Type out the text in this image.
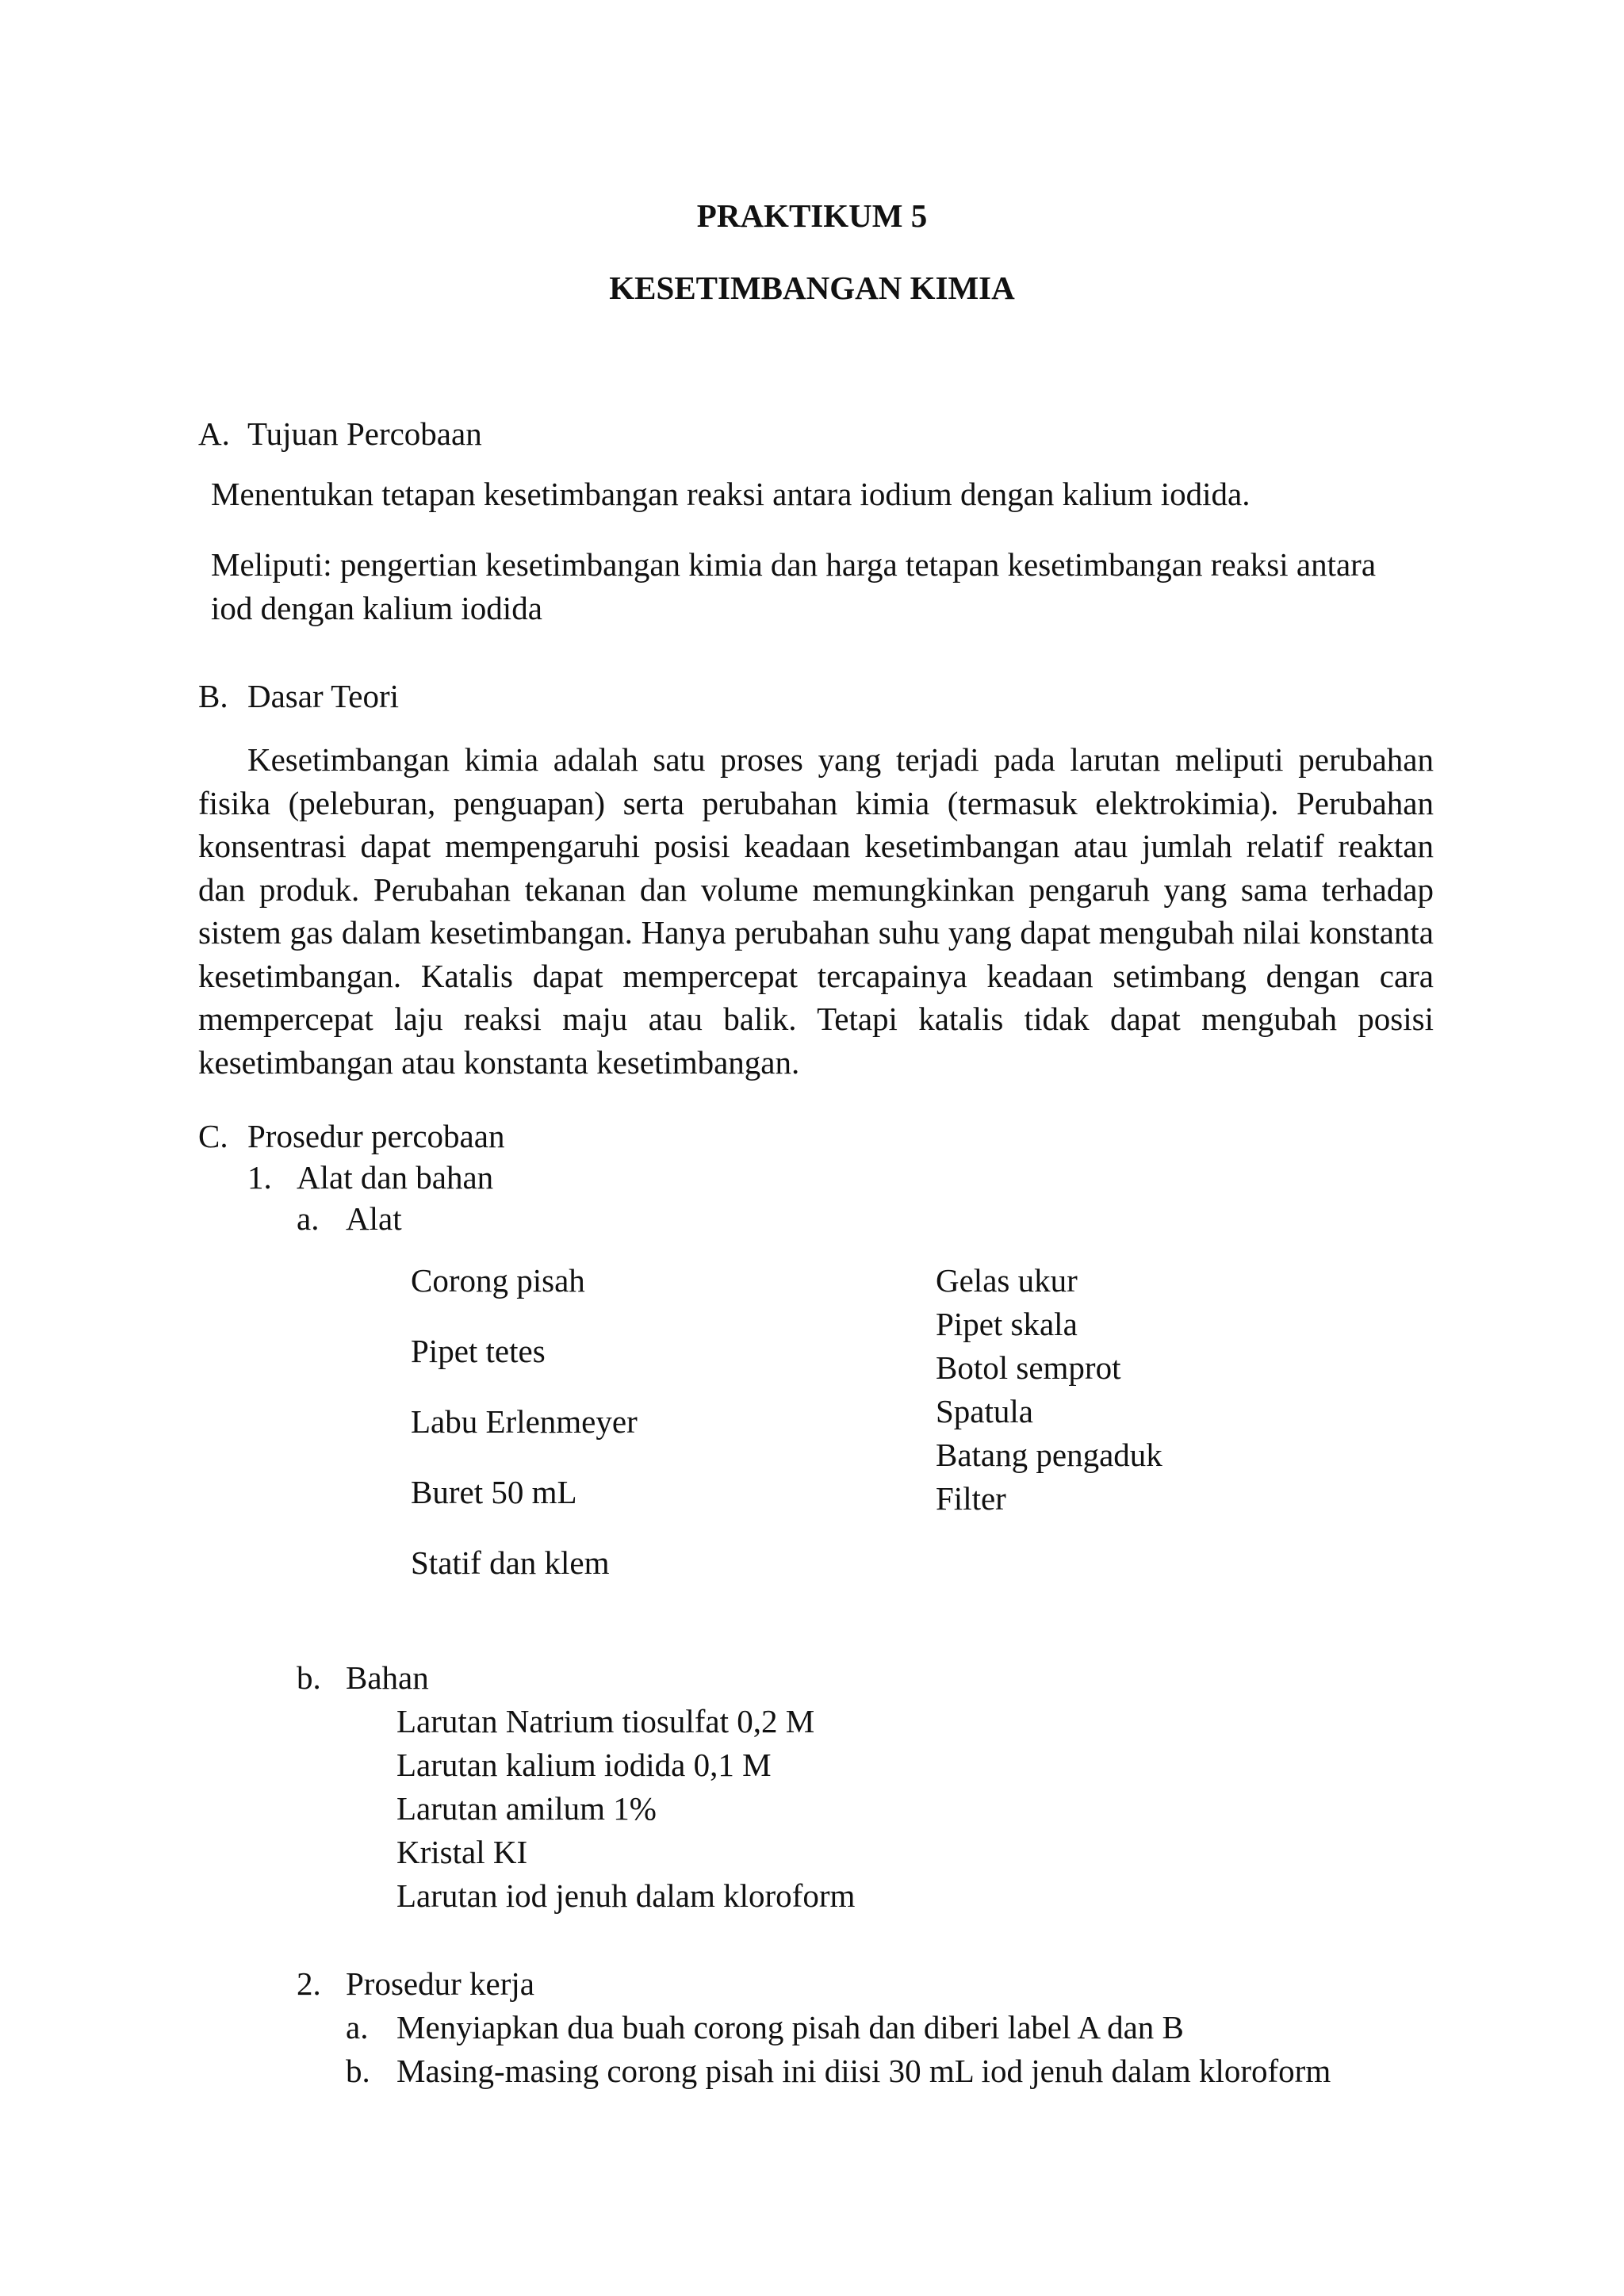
PRAKTIKUM 5
KESETIMBANGAN KIMIA
A. Tujuan Percobaan
Menentukan tetapan kesetimbangan reaksi antara iodium dengan kalium iodida.
Meliputi: pengertian kesetimbangan kimia dan harga tetapan kesetimbangan reaksi antara
iod dengan kalium iodida
B. Dasar Teori
Kesetimbangan kimia adalah satu proses yang terjadi pada larutan meliputi perubahan fisika (peleburan, penguapan) serta perubahan kimia (termasuk elektrokimia). Perubahan konsentrasi dapat mempengaruhi posisi keadaan kesetimbangan atau jumlah relatif reaktan dan produk. Perubahan tekanan dan volume memungkinkan pengaruh yang sama terhadap sistem gas dalam kesetimbangan. Hanya perubahan suhu yang dapat mengubah nilai konstanta kesetimbangan. Katalis dapat mempercepat tercapainya keadaan setimbang dengan cara mempercepat laju reaksi maju atau balik. Tetapi katalis tidak dapat mengubah posisi kesetimbangan atau konstanta kesetimbangan.
C. Prosedur percobaan
1. Alat dan bahan
a. Alat
Corong pisah
Pipet tetes
Labu Erlenmeyer
Buret 50 mL
Statif dan klem
Gelas ukur
Pipet skala
Botol semprot
Spatula
Batang pengaduk
Filter
b. Bahan
Larutan Natrium tiosulfat 0,2 M
Larutan kalium iodida 0,1 M
Larutan amilum 1%
Kristal KI
Larutan iod jenuh dalam kloroform
2. Prosedur kerja
a. Menyiapkan dua buah corong pisah dan diberi label A dan B
b. Masing-masing corong pisah ini diisi 30 mL iod jenuh dalam kloroform
